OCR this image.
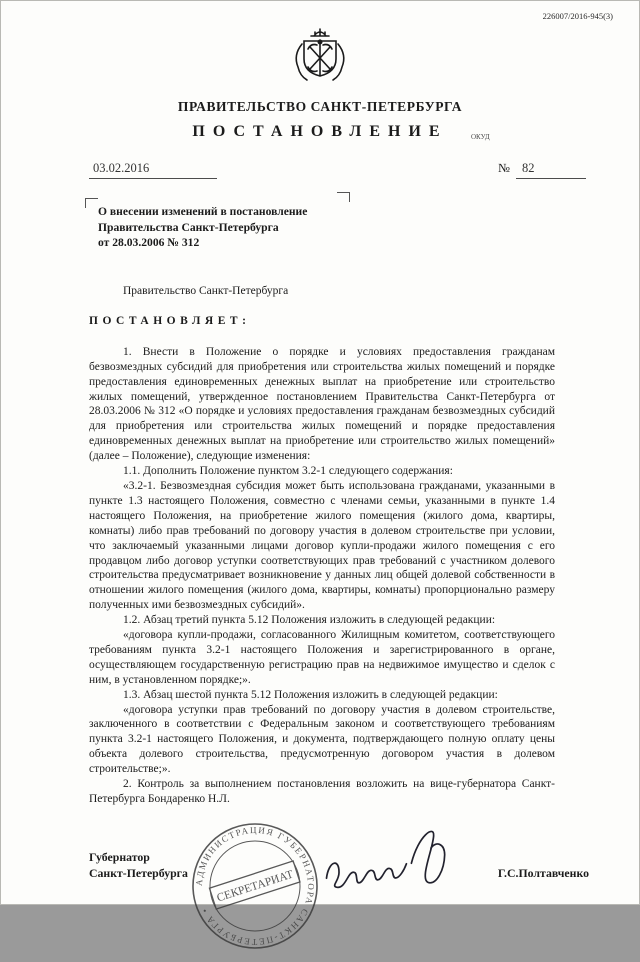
226007/2016-945(3)
ПРАВИТЕЛЬСТВО САНКТ-ПЕТЕРБУРГА
ПОСТАНОВЛЕНИЕ	ОКУД
03.02.2016	№ 82
О внесении изменений в постановление
Правительства Санкт-Петербурга
от 28.03.2006 № 312

Правительство Санкт-Петербурга

ПОСТАНОВЛЯЕТ:

1. Внести в Положение о порядке и условиях предоставления гражданам безвозмездных субсидий для приобретения или строительства жилых помещений и порядке предоставления единовременных денежных выплат на приобретение или строительство жилых помещений, утвержденное постановлением Правительства Санкт-Петербурга от 28.03.2006 № 312 «О порядке и условиях предоставления гражданам безвозмездных субсидий для приобретения или строительства жилых помещений и порядке предоставления единовременных денежных выплат на приобретение или строительство жилых помещений» (далее – Положение), следующие изменения:

1.1. Дополнить Положение пунктом 3.2-1 следующего содержания:

«3.2-1. Безвозмездная субсидия может быть использована гражданами, указанными в пункте 1.3 настоящего Положения, совместно с членами семьи, указанными в пункте 1.4 настоящего Положения, на приобретение жилого помещения (жилого дома, квартиры, комнаты) либо прав требований по договору участия в долевом строительстве при условии, что заключаемый указанными лицами договор купли-продажи жилого помещения с его продавцом либо договор уступки соответствующих прав требований с участником долевого строительства предусматривает возникновение у данных лиц общей долевой собственности в отношении жилого помещения (жилого дома, квартиры, комнаты) пропорционально размеру полученных ими безвозмездных субсидий».

1.2. Абзац третий пункта 5.12 Положения изложить в следующей редакции:

«договора купли-продажи, согласованного Жилищным комитетом, соответствующего требованиям пункта 3.2-1 настоящего Положения и зарегистрированного в органе, осуществляющем государственную регистрацию прав на недвижимое имущество и сделок с ним, в установленном порядке;».

1.3. Абзац шестой пункта 5.12 Положения изложить в следующей редакции:

«договора уступки прав требований по договору участия в долевом строительстве, заключенного в соответствии с Федеральным законом и соответствующего требованиям пункта 3.2-1 настоящего Положения, и документа, подтверждающего полную оплату цены объекта долевого строительства, предусмотренную договором участия в долевом строительстве;».

2. Контроль за выполнением постановления возложить на вице-губернатора Санкт-Петербурга Бондаренко Н.Л.

Губернатор
Санкт-Петербурга	Г.С.Полтавченко
АДМИНИСТРАЦИЯ ГУБЕРНАТОРА САНКТ-ПЕТЕРБУРГА •
СЕКРЕТАРИАТ
